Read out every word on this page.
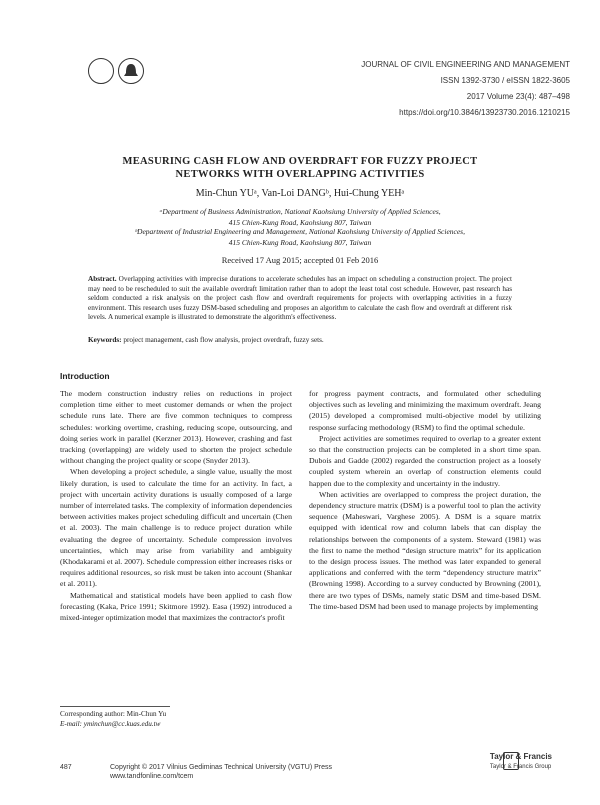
JOURNAL OF CIVIL ENGINEERING AND MANAGEMENT
ISSN 1392-3730 / eISSN 1822-3605
2017 Volume 23(4): 487–498
https://doi.org/10.3846/13923730.2016.1210215
MEASURING CASH FLOW AND OVERDRAFT FOR FUZZY PROJECT
NETWORKS WITH OVERLAPPING ACTIVITIES
Min-Chun YUᵃ, Van-Loi DANGᵇ, Hui-Chung YEHᵃ
ᵃDepartment of Business Administration, National Kaohsiung University of Applied Sciences,
415 Chien-Kung Road, Kaohsiung 807, Taiwan
ᵇDepartment of Industrial Engineering and Management, National Kaohsiung University of Applied Sciences,
415 Chien-Kung Road, Kaohsiung 807, Taiwan
Received 17 Aug 2015; accepted 01 Feb 2016
Abstract. Overlapping activities with imprecise durations to accelerate schedules has an impact on scheduling a construction project. The project may need to be rescheduled to suit the available overdraft limitation rather than to adopt the least total cost schedule. However, past research has seldom conducted a risk analysis on the project cash flow and overdraft requirements for projects with overlapping activities in a fuzzy environment. This research uses fuzzy DSM-based scheduling and proposes an algorithm to calculate the cash flow and overdraft at different risk levels. A numerical example is illustrated to demonstrate the algorithm's effectiveness.
Keywords: project management, cash flow analysis, project overdraft, fuzzy sets.
Introduction

The modern construction industry relies on reductions in project completion time either to meet customer demands or when the project schedule runs late. There are five common techniques to compress schedules: working overtime, crashing, reducing scope, outsourcing, and doing series work in parallel (Kerzner 2013). However, crashing and fast tracking (overlapping) are widely used to shorten the project schedule without changing the project quality or scope (Snyder 2013).

When developing a project schedule, a single value, usually the most likely duration, is used to calculate the time for an activity. In fact, a project with uncertain activity durations is usually composed of a large number of interrelated tasks. The complexity of information dependencies between activities makes project scheduling difficult and uncertain (Chen et al. 2003). The main challenge is to reduce project duration while evaluating the degree of uncertainty. Schedule compression involves uncertainties, which may arise from variability and ambiguity (Khodakarami et al. 2007). Schedule compression either increases risks or requires additional resources, so risk must be taken into account (Shankar et al. 2011).

Mathematical and statistical models have been applied to cash flow forecasting (Kaka, Price 1991; Skitmore 1992). Easa (1992) introduced a mixed-integer optimization model that maximizes the contractor's profit

for progress payment contracts, and formulated other scheduling objectives such as leveling and minimizing the maximum overdraft. Jeang (2015) developed a compromised multi-objective model by utilizing response surfacing methodology (RSM) to find the optimal schedule.

Project activities are sometimes required to overlap to a greater extent so that the construction projects can be completed in a short time span. Dubois and Gadde (2002) regarded the construction project as a loosely coupled system wherein an overlap of construction elements could happen due to the complexity and uncertainty in the industry.

When activities are overlapped to compress the project duration, the dependency structure matrix (DSM) is a powerful tool to plan the activity sequence (Maheswari, Varghese 2005). A DSM is a square matrix equipped with identical row and column labels that can display the relationships between the components of a system. Steward (1981) was the first to name the method “design structure matrix” for its application to the design process issues. The method was later expanded to general applications and conferred with the term “dependency structure matrix” (Browning 1998). According to a survey conducted by Browning (2001), there are two types of DSMs, namely static DSM and time-based DSM. The time-based DSM had been used to manage projects by implementing

Corresponding author: Min-Chun Yu
E-mail: yminchun@cc.kuas.edu.tw
487	Copyright © 2017 Vilnius Gediminas Technical University (VGTU) Press
www.tandfonline.com/tcem
Taylor & Francis
Taylor & Francis Group
